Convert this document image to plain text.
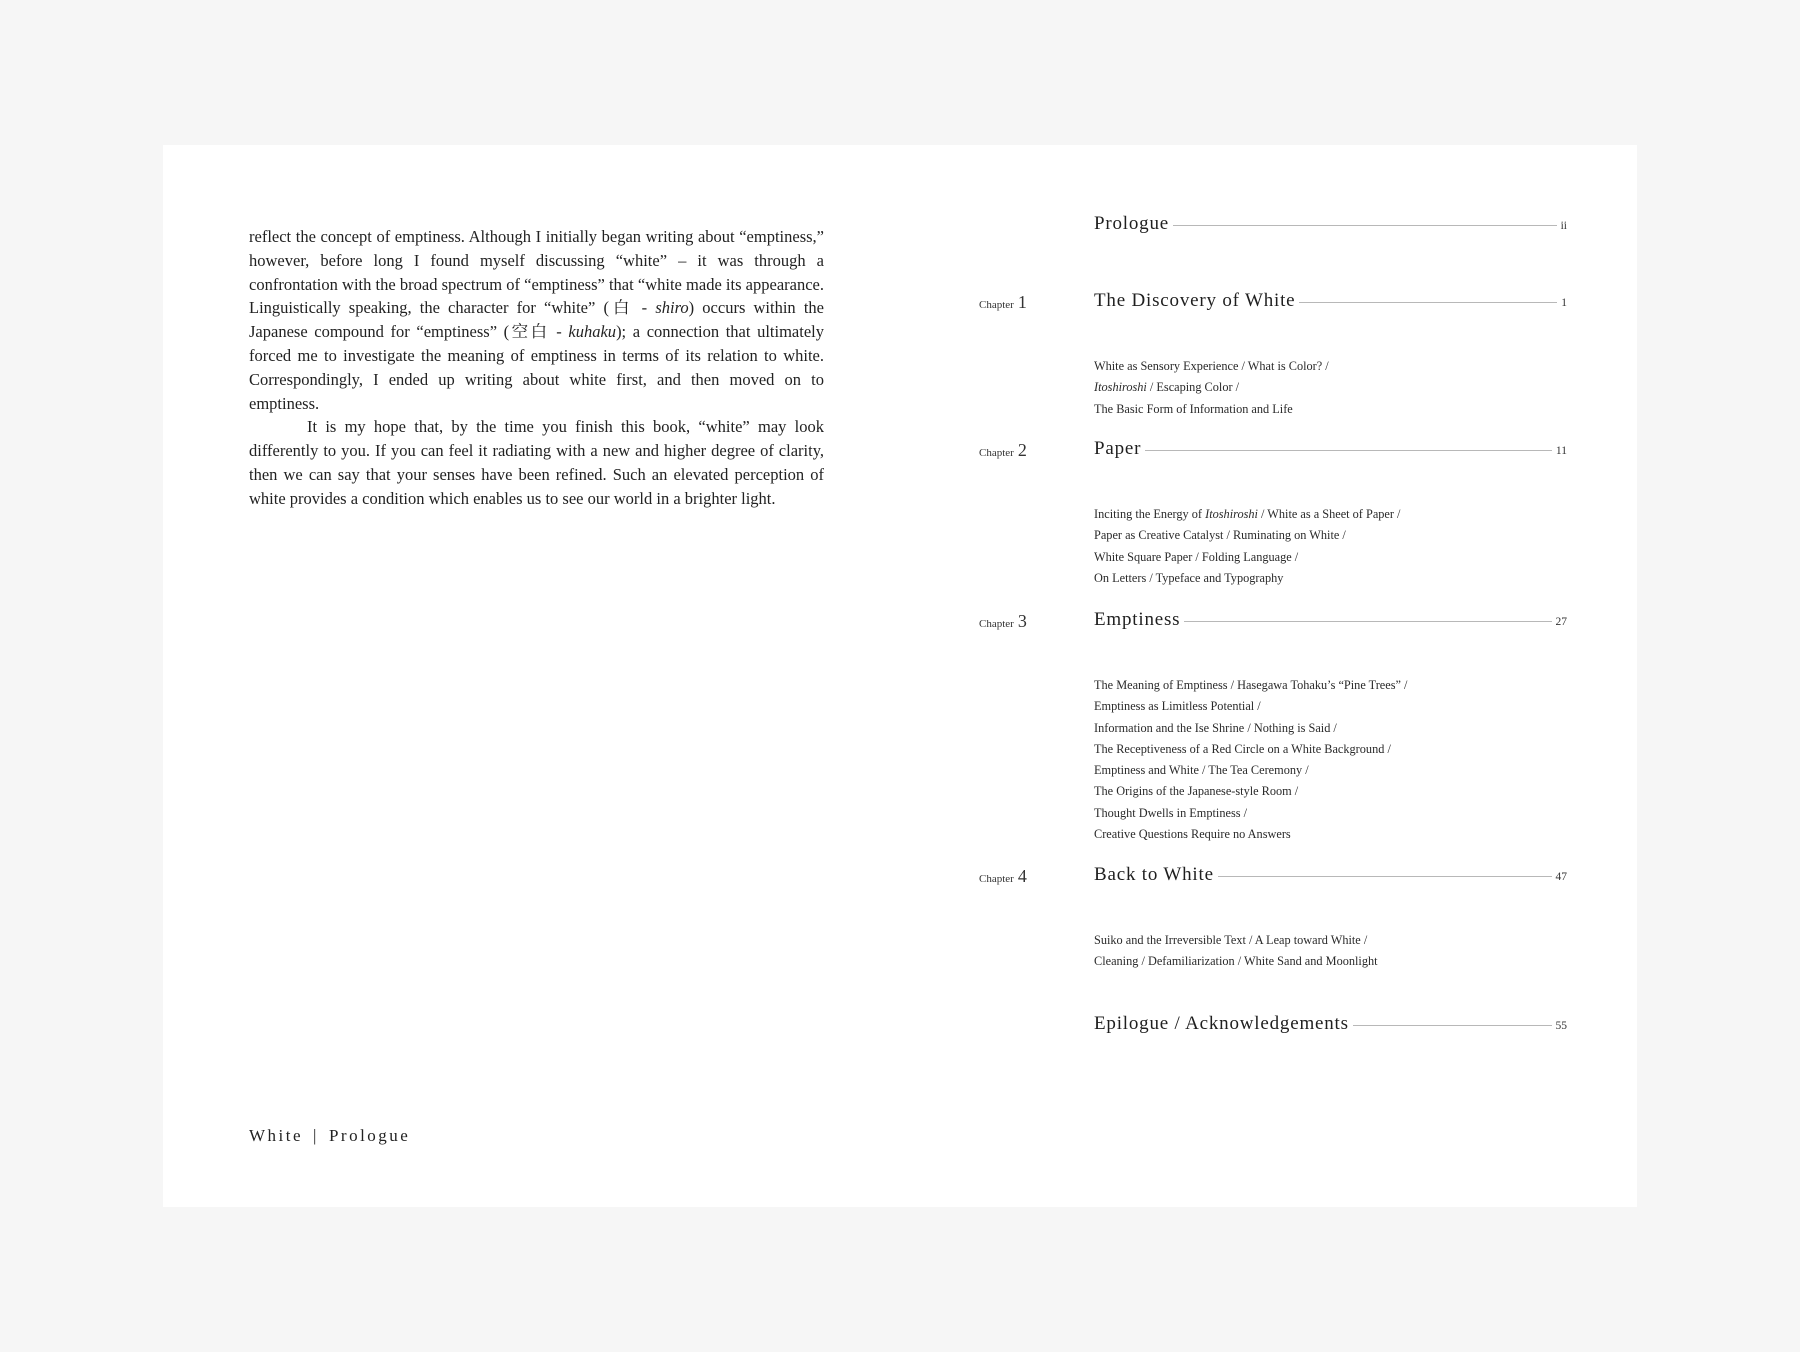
reflect the concept of emptiness. Although I initially began writing about “emptiness,” however, before long I found myself discussing “white” – it was through a confrontation with the broad spectrum of “emptiness” that “white made its appearance. Linguistically speaking, the character for “white” (白 - shiro) occurs within the Japanese compound for “emptiness” (空白 - kuhaku); a connection that ultimately forced me to investigate the meaning of emptiness in terms of its relation to white. Correspondingly, I ended up writing about white first, and then moved on to emptiness.

It is my hope that, by the time you finish this book, “white” may look differently to you. If you can feel it radiating with a new and higher degree of clarity, then we can say that your senses have been refined. Such an elevated perception of white provides a condition which enables us to see our world in a brighter light.

White | Prologue
Prologue	ii
Chapter 1	The Discovery of White	1
White as Sensory Experience / What is Color? /
Itoshiroshi / Escaping Color /
The Basic Form of Information and Life
Chapter 2	Paper	11
Inciting the Energy of Itoshiroshi / White as a Sheet of Paper /
Paper as Creative Catalyst / Ruminating on White /
White Square Paper / Folding Language /
On Letters / Typeface and Typography
Chapter 3	Emptiness	27
The Meaning of Emptiness / Hasegawa Tohaku’s “Pine Trees” /
Emptiness as Limitless Potential /
Information and the Ise Shrine / Nothing is Said /
The Receptiveness of a Red Circle on a White Background /
Emptiness and White / The Tea Ceremony /
The Origins of the Japanese-style Room /
Thought Dwells in Emptiness /
Creative Questions Require no Answers
Chapter 4	Back to White	47
Suiko and the Irreversible Text / A Leap toward White /
Cleaning / Defamiliarization / White Sand and Moonlight
Epilogue / Acknowledgements	55
